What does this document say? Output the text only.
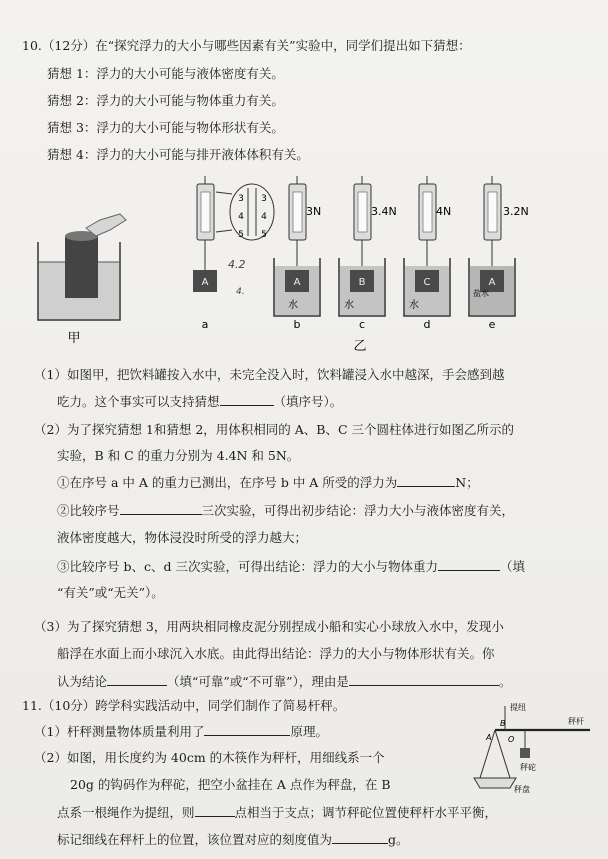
10.（12分）在“探究浮力的大小与哪些因素有关”实验中，同学们提出如下猜想：
猜想 1：浮力的大小可能与液体密度有关。
猜想 2：浮力的大小可能与物体重力有关。
猜想 3：浮力的大小可能与物体形状有关。
猜想 4：浮力的大小可能与排开液体体积有关。
甲
A
3
4
5
3
4
5
4.2
4.
A
水
3N
B
水
3.4N
C
水
4N
A
盐水
3.2N
a	b	c	d	e
乙
（1）如图甲，把饮料罐按入水中，未完全没入时，饮料罐浸入水中越深，手会感到越
吃力。这个事实可以支持猜想	（填序号）。
（2）为了探究猜想 1和猜想 2，用体积相同的 A、B、C 三个圆柱体进行如图乙所示的
实验，B 和 C 的重力分别为 4.4N 和 5N。
①在序号 a 中 A 的重力已测出，在序号 b 中 A 所受的浮力为	N；
②比较序号	三次实验，可得出初步结论：浮力大小与液体密度有关，
液体密度越大，物体浸没时所受的浮力越大；
③比较序号 b、c、d 三次实验，可得出结论：浮力的大小与物体重力	（填
“有关”或“无关”）。
（3）为了探究猜想 3，用两块相同橡皮泥分别捏成小船和实心小球放入水中，发现小
船浮在水面上而小球沉入水底。由此得出结论：浮力的大小与物体形状有关。你
认为结论	（填“可靠”或“不可靠”），理由是	。
11.（10分）跨学科实践活动中，同学们制作了简易杆秤。
（1）杆秤测量物体质量利用了	原理。
（2）如图，用长度约为 40cm 的木筷作为秤杆，用细线系一个
20g 的钩码作为秤砣，把空小盆挂在 A 点作为秤盘，在 B
点系一根绳作为提纽，则	点相当于支点；调节秤砣位置使秤杆水平平衡，
标记细线在秤杆上的位置，该位置对应的刻度值为	g。
提纽
秤杆
秤砣
秤盘
A
B
O
